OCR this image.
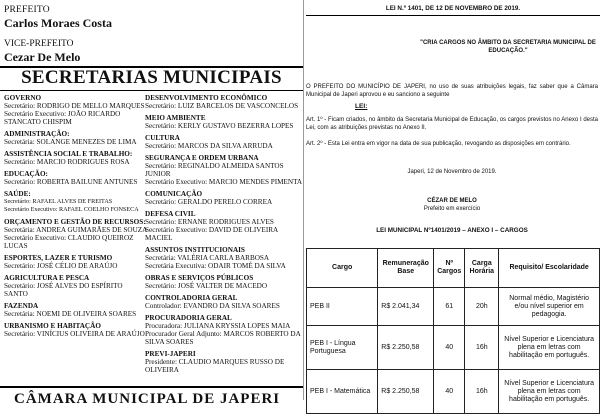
PREFEITO
Carlos Moraes Costa
VICE-PREFEITO
Cezar De Melo
SECRETARIAS MUNICIPAIS
GOVERNO
Secretário: RODRIGO DE MELLO MARQUES
Secretário Executivo: JOÃO RICARDO
STANCATO CHISPIM
ADMINISTRAÇÃO:
Secretária: SOLANGE MENEZES DE LIMA
ASSISTÊNCIA SOCIAL E TRABALHO:
Secretário: MARCIO RODRIGUES ROSA
EDUCAÇÃO:
Secretário: ROBERTA BAILUNE ANTUNES
SAÚDE:
Secretário: RAFAEL ALVES DE FREITAS
Secretário Executivo: RAFAEL COELHO FONSECA
ORÇAMENTO E GESTÃO DE RECURSOS:
Secretária: ANDREA GUIMARÃES DE SOUZA
Secretário Executivo: CLAUDIO QUEIROZ LUCAS
ESPORTES, LAZER E TURISMO
Secretário: JOSÉ CÉLIO DE ARAÚJO
AGRICULTURA E PESCA
Secretário: JOSÉ ALVES DO ESPÍRITO
SANTO
FAZENDA
Secretária: NOEMI DE OLIVEIRA SOARES
URBANISMO E HABITAÇÃO
Secretário: VINÍCIUS OLIVEIRA DE ARAÚJO
DESENVOLVIMENTO ECONÔMICO
Secretário: LUIZ BARCELOS DE VASCONCELOS
MEIO AMBIENTE
Secretário: KERLY GUSTAVO BEZERRA LOPES
CULTURA
Secretário: MARCOS DA SILVA ARRUDA
SEGURANÇA E ORDEM URBANA
Secretário: REGINALDO ALMEIDA SANTOS
JUNIOR
Secretário Executivo: MARCIO MENDES PIMENTA
COMUNICAÇÃO
Secretário: GERALDO PERELO CORREA
DEFESA CIVIL
Secretário: ERNANE RODRIGUES ALVES
Secretário Executivo: DAVID DE OLIVEIRA MACIEL
ASSUNTOS INSTITUCIONAIS
Secretária: VALÉRIA CARLA BARBOSA
Secretária Executiva: ODAIR TOMÉ DA SILVA
OBRAS E SERVIÇOS PÚBLICOS
Secretário: JOSÉ VALTER DE MACEDO
CONTROLADORIA GERAL
Controlador: EVANDRO DA SILVA SOARES
PROCURADORIA GERAL
Procuradora: JULIANA KRYSSIA LOPES MAIA
Procurador Geral Adjunto: MARCOS ROBERTO DA
SILVA SOARES
PREVI-JAPERI
Presidente: CLAUDIO MARQUES RUSSO DE
OLIVEIRA
CÂMARA MUNICIPAL DE JAPERI
LEI N.º 1401, DE 12 DE NOVEMBRO DE 2019.
"CRIA CARGOS NO ÂMBITO DA SECRETARIA MUNICIPAL DE EDUCAÇÃO."
O PREFEITO DO MUNICÍPIO DE JAPERI, no uso de suas atribuições legais, faz saber que a Câmara Municipal de Japeri aprovou e eu sanciono a seguinte
LEI:
Art. 1º - Ficam criados, no âmbito da Secretaria Municipal de Educação, os cargos previstos no Anexo I desta Lei, com as atribuições previstas no Anexo II.
Art. 2º - Esta Lei entra em vigor na data de sua publicação, revogando as disposições em contrário.
Japeri, 12 de Novembro de 2019.
CÉZAR DE MELO
Prefeito em exercício
LEI MUNICIPAL Nº1401/2019 – ANEXO I – CARGOS
Cargo	Remuneração Base	Nº Cargos	Carga Horária	Requisito/ Escolaridade
PEB II	R$ 2.041,34	61	20h	Normal médio, Magistério e/ou nível superior em pedagogia.
PEB I - Língua Portuguesa	R$ 2.250,58	40	16h	Nível Superior e Licenciatura plena em letras com habilitação em português.
PEB I - Matemática	R$ 2.250,58	40	16h	Nível Superior e Licenciatura plena em letras com habilitação em português.
